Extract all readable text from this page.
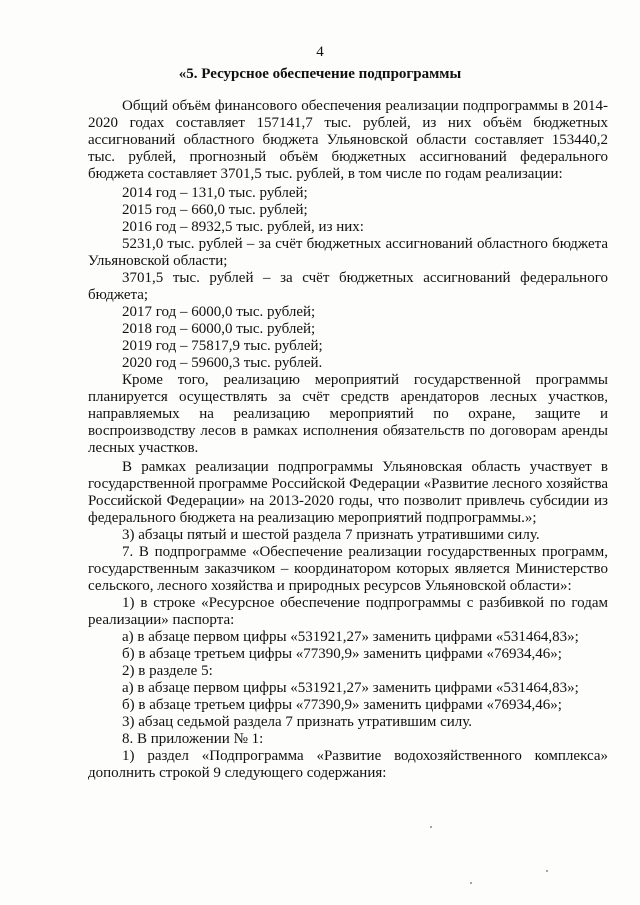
4
«5. Ресурсное обеспечение подпрограммы

Общий объём финансового обеспечения реализации подпрограммы в 2014-2020 годах составляет 157141,7 тыс. рублей, из них объём бюджетных ассигнований областного бюджета Ульяновской области составляет 153440,2 тыс. рублей, прогнозный объём бюджетных ассигнований федерального бюджета составляет 3701,5 тыс. рублей, в том числе по годам реализации:

2014 год – 131,0 тыс. рублей;

2015 год – 660,0 тыс. рублей;

2016 год – 8932,5 тыс. рублей, из них:

5231,0 тыс. рублей – за счёт бюджетных ассигнований областного бюджета Ульяновской области;

3701,5 тыс. рублей – за счёт бюджетных ассигнований федерального бюджета;

2017 год – 6000,0 тыс. рублей;

2018 год – 6000,0 тыс. рублей;

2019 год – 75817,9 тыс. рублей;

2020 год – 59600,3 тыс. рублей.

Кроме того, реализацию мероприятий государственной программы планируется осуществлять за счёт средств арендаторов лесных участков, направляемых на реализацию мероприятий по охране, защите и воспроизводству лесов в рамках исполнения обязательств по договорам аренды лесных участков.

В рамках реализации подпрограммы Ульяновская область участвует в государственной программе Российской Федерации «Развитие лесного хозяйства Российской Федерации» на 2013-2020 годы, что позволит привлечь субсидии из федерального бюджета на реализацию мероприятий подпрограммы.»;

3) абзацы пятый и шестой раздела 7 признать утратившими силу.

7. В подпрограмме «Обеспечение реализации государственных программ, государственным заказчиком – координатором которых является Министерство сельского, лесного хозяйства и природных ресурсов Ульяновской области»:

1) в строке «Ресурсное обеспечение подпрограммы с разбивкой по годам реализации» паспорта:

а) в абзаце первом цифры «531921,27» заменить цифрами «531464,83»;

б) в абзаце третьем цифры «77390,9» заменить цифрами «76934,46»;

2) в разделе 5:

а) в абзаце первом цифры «531921,27» заменить цифрами «531464,83»;

б) в абзаце третьем цифры «77390,9» заменить цифрами «76934,46»;

3) абзац седьмой раздела 7 признать утратившим силу.

8. В приложении № 1:

1) раздел «Подпрограмма «Развитие водохозяйственного комплекса» дополнить строкой 9 следующего содержания:
